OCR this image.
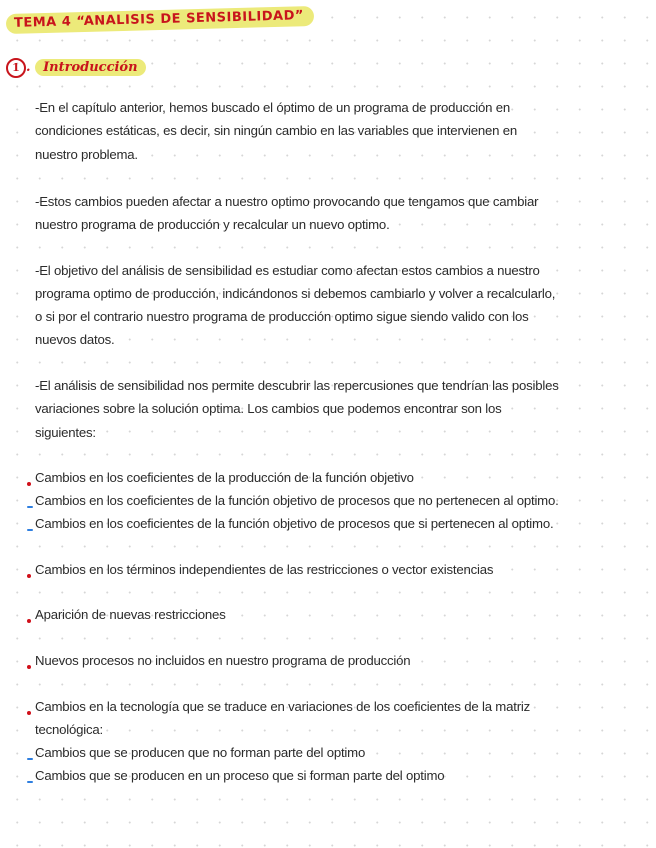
TEMA 4 “ANALISIS DE SENSIBILIDAD”
1 . Introducción
-En el capítulo anterior, hemos buscado el óptimo de un programa de producción en
condiciones estáticas, es decir, sin ningún cambio en las variables que intervienen en
nuestro problema.
-Estos cambios pueden afectar a nuestro optimo provocando que tengamos que cambiar
nuestro programa de producción y recalcular un nuevo optimo.
-El objetivo del análisis de sensibilidad es estudiar como afectan estos cambios a nuestro
programa optimo de producción, indicándonos si debemos cambiarlo y volver a recalcularlo,
o si por el contrario nuestro programa de producción optimo sigue siendo valido con los
nuevos datos.
-El análisis de sensibilidad nos permite descubrir las repercusiones que tendrían las posibles
variaciones sobre la solución optima. Los cambios que podemos encontrar son los
siguientes:
Cambios en los coeficientes de la producción de la función objetivo
Cambios en los coeficientes de la función objetivo de procesos que no pertenecen al optimo.
Cambios en los coeficientes de la función objetivo de procesos que si pertenecen al optimo.
Cambios en los términos independientes de las restricciones o vector existencias
Aparición de nuevas restricciones
Nuevos procesos no incluidos en nuestro programa de producción
Cambios en la tecnología que se traduce en variaciones de los coeficientes de la matriz
tecnológica:
Cambios que se producen que no forman parte del optimo
Cambios que se producen en un proceso que si forman parte del optimo
